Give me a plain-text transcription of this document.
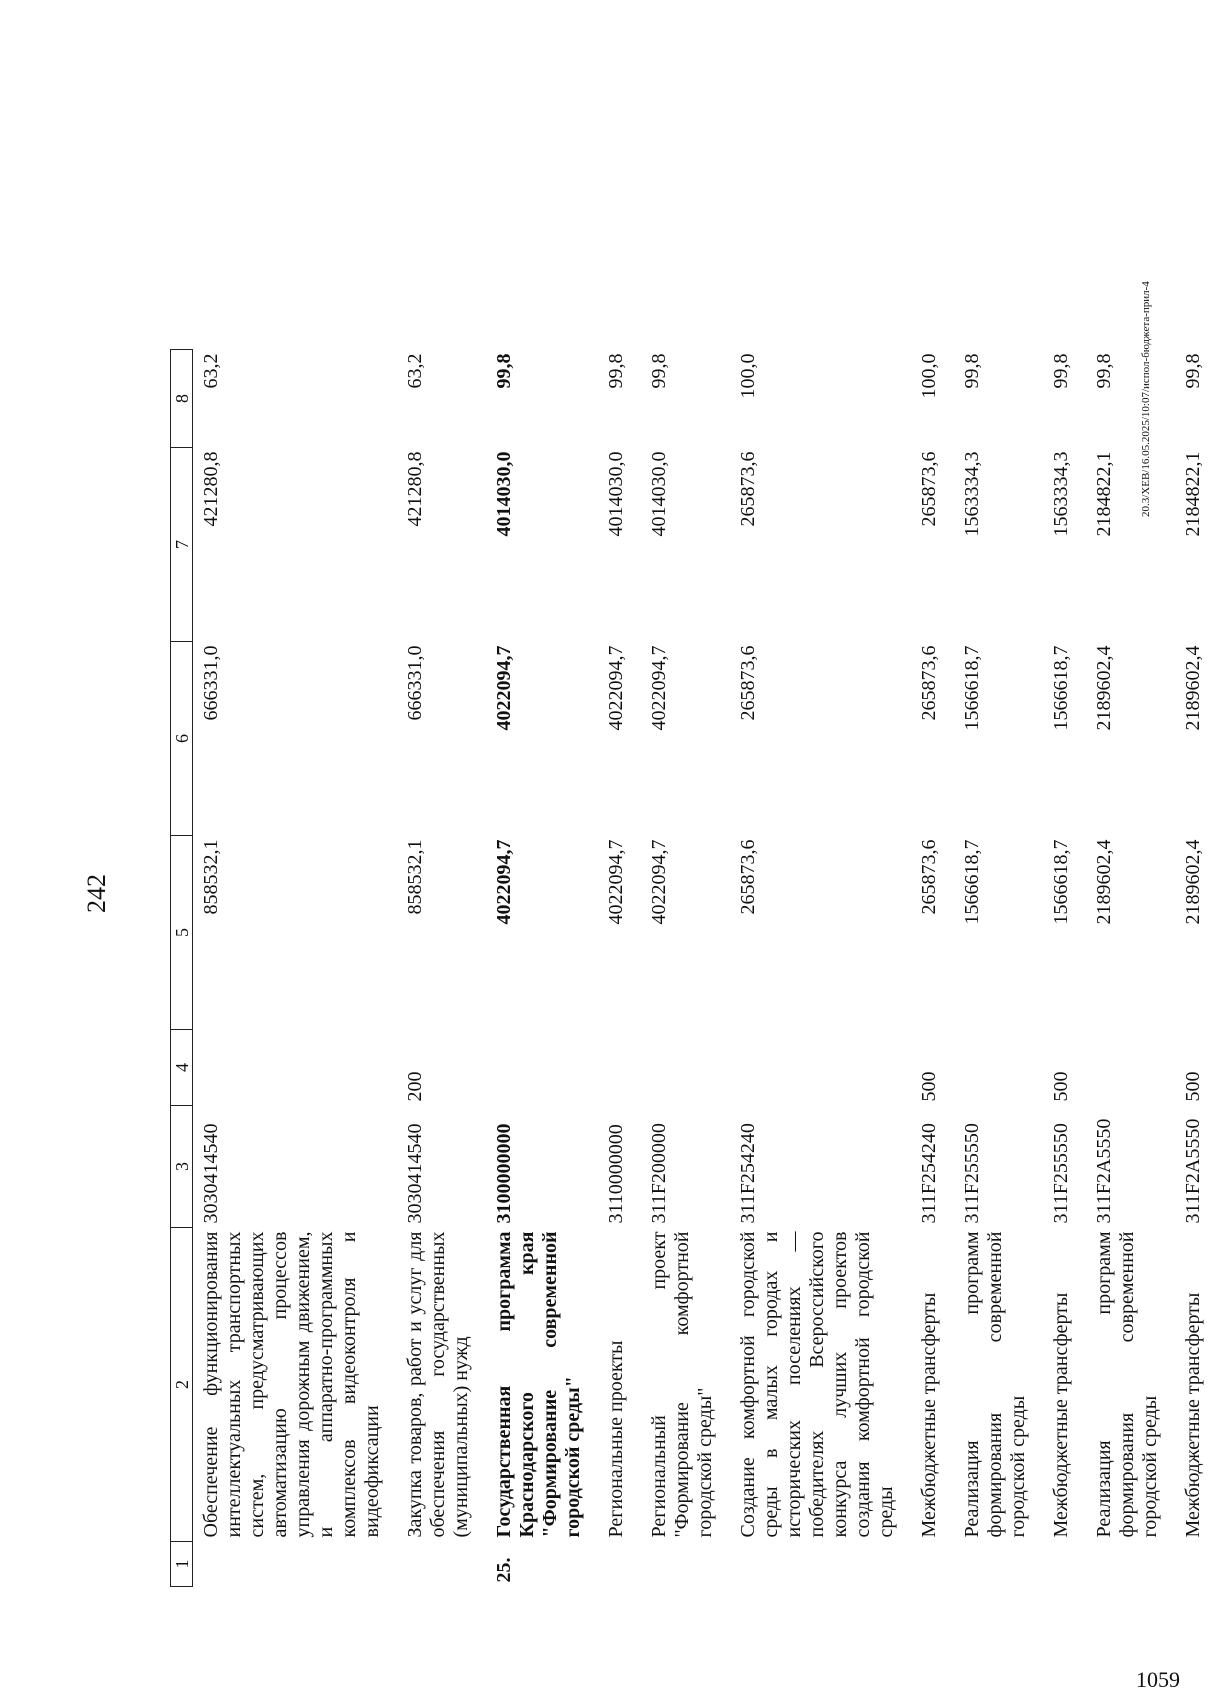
242
1	2	3	4	5	6	7	8
	Обеспечение функционирования интеллектуальных транспортных систем, предусматривающих автоматизацию процессов управления дорожным движением, и аппаратно-программных комплексов видеоконтроля и видеофиксации	3030414540		858532,1	666331,0	421280,8	63,2
	Закупка товаров, работ и услуг для обеспечения государственных (муниципальных) нужд	3030414540	200	858532,1	666331,0	421280,8	63,2
25.	Государственная программа Краснодарского края "Формирование современной городской среды"	3100000000		4022094,7	4022094,7	4014030,0	99,8
	Региональные проекты	3110000000		4022094,7	4022094,7	4014030,0	99,8
	Региональный проект "Формирование комфортной городской среды"	311F200000		4022094,7	4022094,7	4014030,0	99,8
	Создание комфортной городской среды в малых городах и исторических поселениях — победителях Всероссийского конкурса лучших проектов создания комфортной городской среды	311F254240		265873,6	265873,6	265873,6	100,0
	Межбюджетные трансферты	311F254240	500	265873,6	265873,6	265873,6	100,0
	Реализация программ формирования современной городской среды	311F255550		1566618,7	1566618,7	1563334,3	99,8
	Межбюджетные трансферты	311F255550	500	1566618,7	1566618,7	1563334,3	99,8
	Реализация программ формирования современной городской среды	311F2A5550		2189602,4	2189602,4	2184822,1	99,8
	Межбюджетные трансферты	311F2A5550	500	2189602,4	2189602,4	2184822,1	99,8
20.3/ХЕВ/16.05.2025/10:07/испол-бюджета-прил-4
1059
